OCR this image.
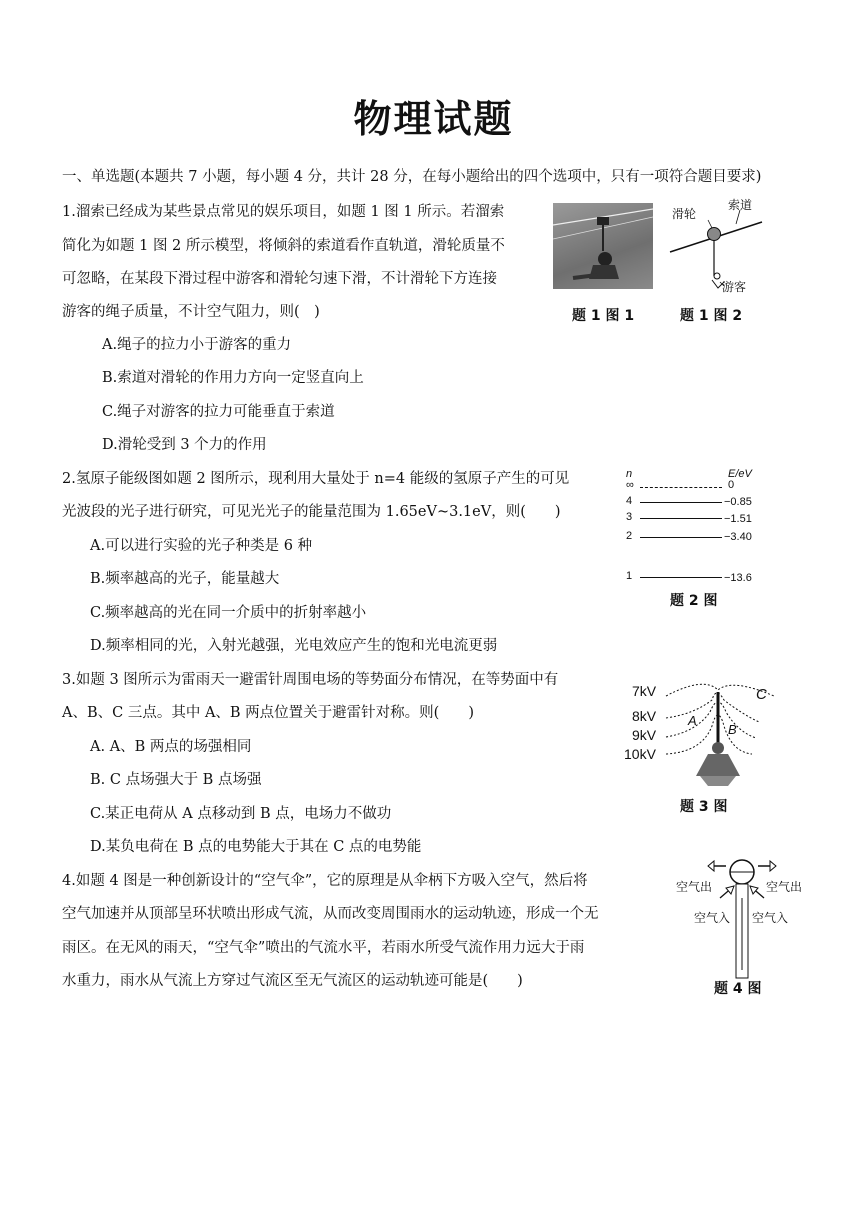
物理试题
一、单选题(本题共 7 小题，每小题 4 分，共计 28 分，在每小题给出的四个选项中，只有一项符合题目要求)
1.溜索已经成为某些景点常见的娱乐项目，如题 1 图 1 所示。若溜索
简化为如题 1 图 2 所示模型，将倾斜的索道看作直轨道，滑轮质量不
可忽略，在某段下滑过程中游客和滑轮匀速下滑，不计滑轮下方连接
游客的绳子质量，不计空气阻力，则(　)
A.绳子的拉力小于游客的重力
B.索道对滑轮的作用力方向一定竖直向上
C.绳子对游客的拉力可能垂直于索道
D.滑轮受到 3 个力的作用
题 1 图 1
滑轮
索道
游客
题 1 图 2
2.氢原子能级图如题 2 图所示，现利用大量处于 n=4 能级的氢原子产生的可见
光波段的光子进行研究，可见光光子的能量范围为 1.65eV~3.1eV，则(　　)
A.可以进行实验的光子种类是 6 种
B.频率越高的光子，能量越大
C.频率越高的光在同一介质中的折射率越小
D.频率相同的光，入射光越强，光电效应产生的饱和光电流更弱
n	E/eV
∞	0
4	−0.85
3	−1.51
2	−3.40
1	−13.6
题 2 图
3.如题 3 图所示为雷雨天一避雷针周围电场的等势面分布情况，在等势面中有
A、B、C 三点。其中 A、B 两点位置关于避雷针对称。则(　　)
A. A、B 两点的场强相同
B. C 点场强大于 B 点场强
C.某正电荷从 A 点移动到 B 点，电场力不做功
D.某负电荷在 B 点的电势能大于其在 C 点的电势能
7kV
8kV
9kV
10kV
A
B
C
题 3 图
4.如题 4 图是一种创新设计的“空气伞”，它的原理是从伞柄下方吸入空气，然后将
空气加速并从顶部呈环状喷出形成气流，从而改变周围雨水的运动轨迹，形成一个无
雨区。在无风的雨天，“空气伞”喷出的气流水平，若雨水所受气流作用力远大于雨
水重力，雨水从气流上方穿过气流区至无气流区的运动轨迹可能是(　　)
空气出	空气出
空气入 空气入
题 4 图
